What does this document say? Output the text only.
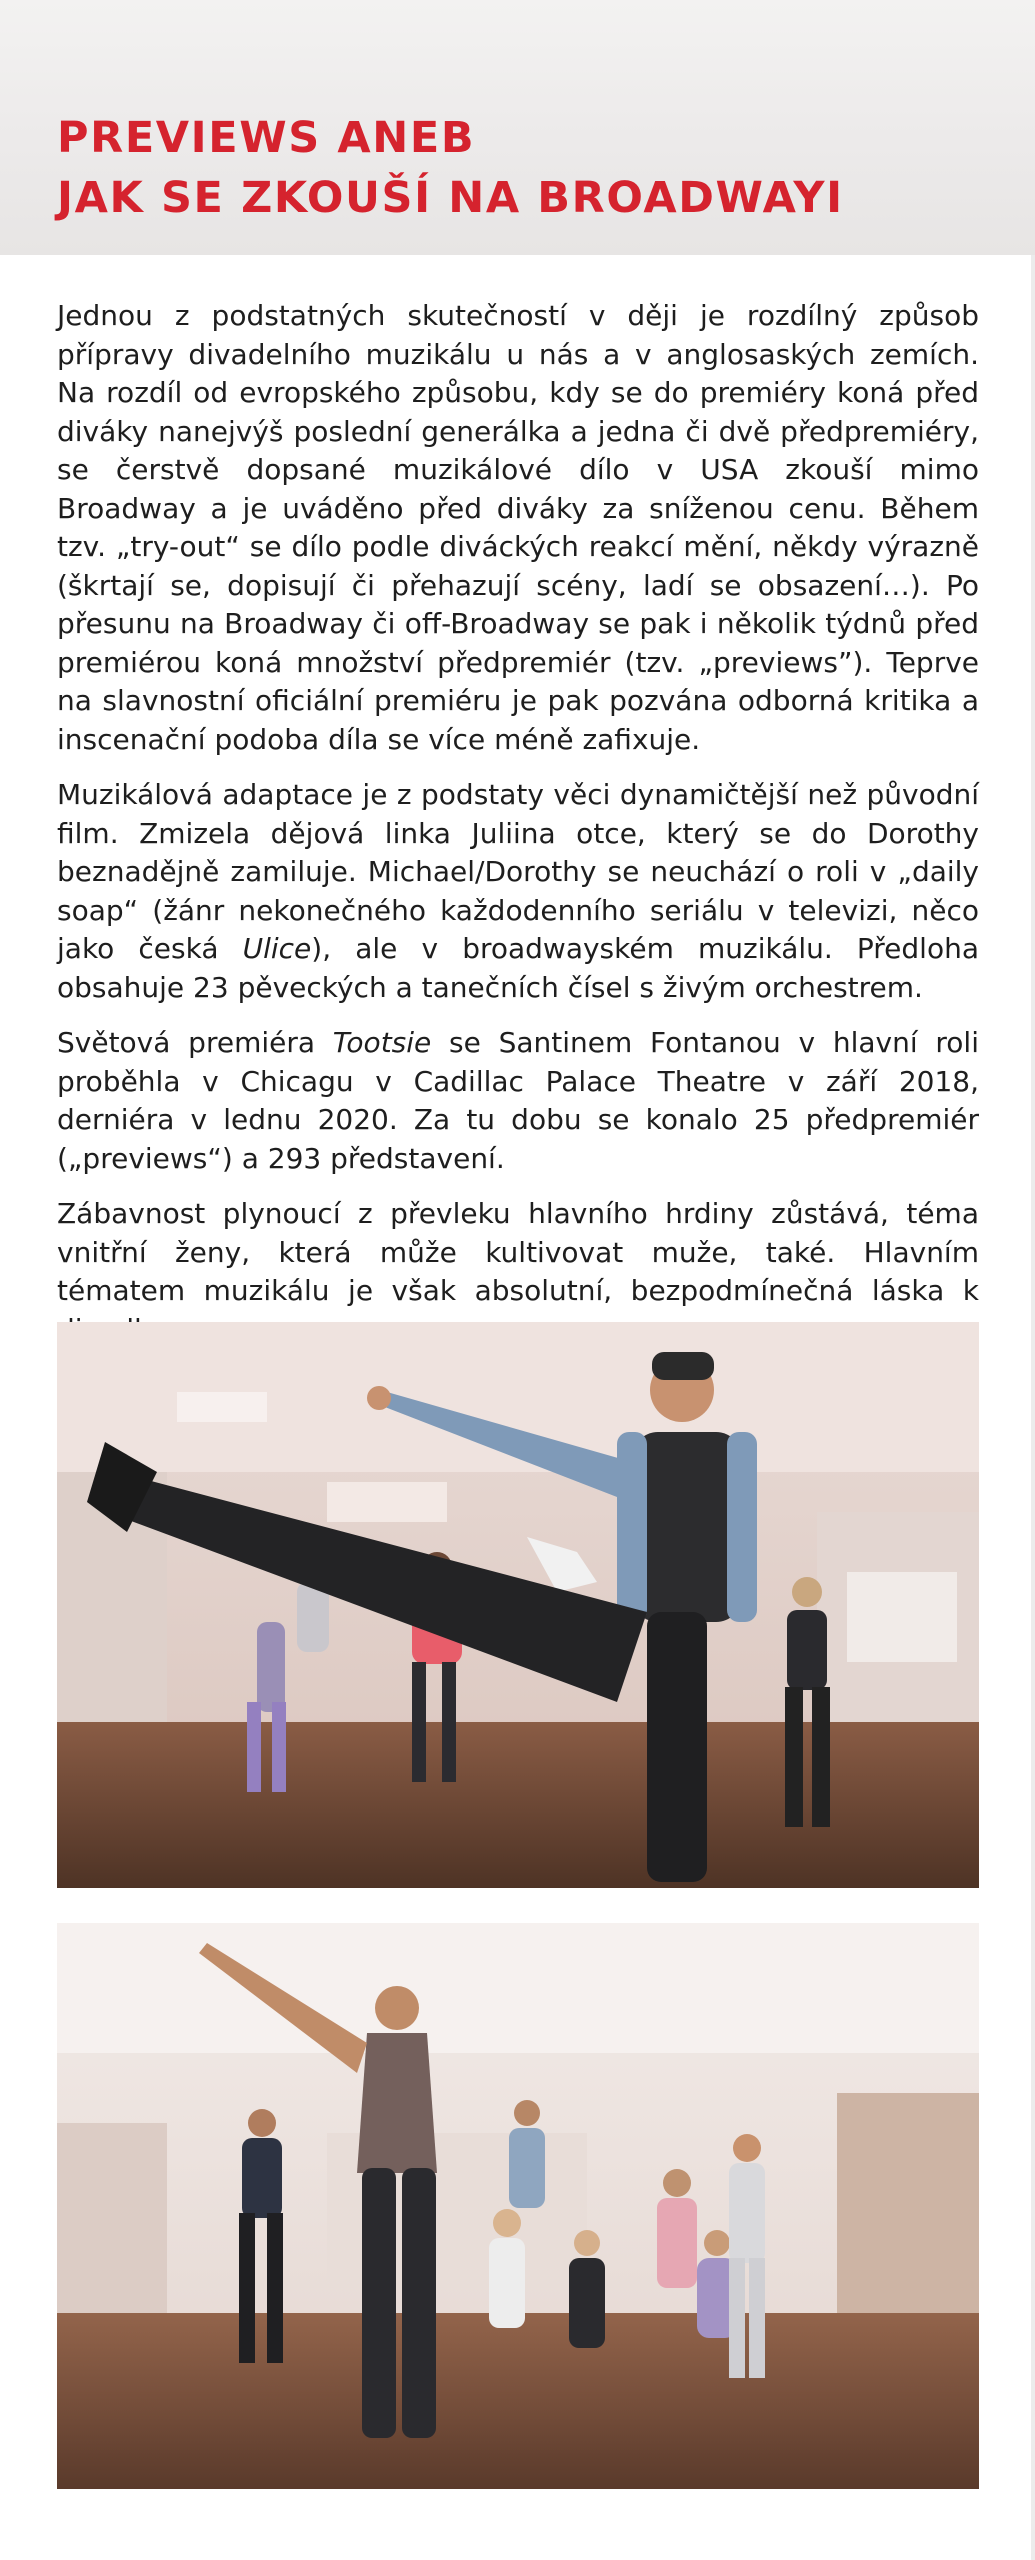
PREVIEWS ANEB
JAK SE ZKOUŠÍ NA BROADWAYI

Jednou z podstatných skutečností v ději je rozdílný způsob přípravy divadelního muzikálu u nás a v anglosaských zemích. Na rozdíl od evropského způsobu, kdy se do premiéry koná před diváky nanejvýš poslední generálka a jedna či dvě předpremiéry, se čerstvě dopsané muzikálové dílo v USA zkouší mimo Broadway a je uváděno před diváky za sníženou cenu. Během tzv. „try-out“ se dílo podle diváckých reakcí mění, někdy výrazně (škrtají se, dopisují či přehazují scény, ladí se obsazení…). Po přesunu na Broadway či off-Broadway se pak i několik týdnů před premiérou koná množství předpremiér (tzv. „previews”). Teprve na slavnostní oficiální premiéru je pak pozvána odborná kritika a inscenační podoba díla se více méně zafixuje.

Muzikálová adaptace je z podstaty věci dynamičtější než původní film. Zmizela dějová linka Juliina otce, který se do Dorothy beznadějně zamiluje. Michael/Dorothy se neuchází o roli v „daily soap“ (žánr nekonečného každodenního seriálu v televizi, něco jako česká Ulice), ale v broadwayském muzikálu. Předloha obsahuje 23 pěveckých a tanečních čísel s živým orchestrem.

Světová premiéra Tootsie se Santinem Fontanou v hlavní roli proběhla v Chicagu v Cadillac Palace Theatre v září 2018, derniéra v lednu 2020. Za tu dobu se konalo 25 předpremiér („previews“) a 293 představení.

Zábavnost plynoucí z převleku hlavního hrdiny zůstává, téma vnitřní ženy, která může kultivovat muže, také. Hlavním tématem muzikálu je však absolutní, bezpodmínečná láska k
